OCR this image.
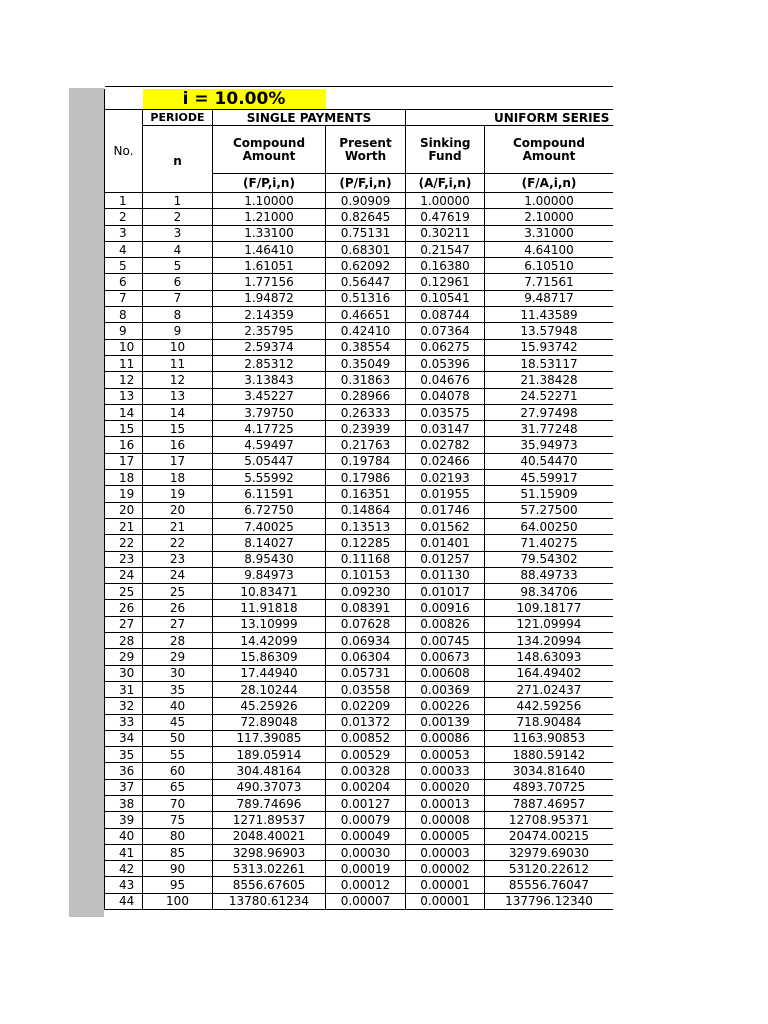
	i = 10.00%				
No.	PERIODE	SINGLE PAYMENTS		UNIFORM SERIES	
	n	Compound Amount	Present Worth	Sinking Fund	Compound Amount
		(F/P,i,n)	(P/F,i,n)	(A/F,i,n)	(F/A,i,n)
1	1	1.10000	0.90909	1.00000	1.00000
2	2	1.21000	0.82645	0.47619	2.10000
3	3	1.33100	0.75131	0.30211	3.31000
4	4	1.46410	0.68301	0.21547	4.64100
5	5	1.61051	0.62092	0.16380	6.10510
6	6	1.77156	0.56447	0.12961	7.71561
7	7	1.94872	0.51316	0.10541	9.48717
8	8	2.14359	0.46651	0.08744	11.43589
9	9	2.35795	0.42410	0.07364	13.57948
10	10	2.59374	0.38554	0.06275	15.93742
11	11	2.85312	0.35049	0.05396	18.53117
12	12	3.13843	0.31863	0.04676	21.38428
13	13	3.45227	0.28966	0.04078	24.52271
14	14	3.79750	0.26333	0.03575	27.97498
15	15	4.17725	0.23939	0.03147	31.77248
16	16	4.59497	0.21763	0.02782	35.94973
17	17	5.05447	0.19784	0.02466	40.54470
18	18	5.55992	0.17986	0.02193	45.59917
19	19	6.11591	0.16351	0.01955	51.15909
20	20	6.72750	0.14864	0.01746	57.27500
21	21	7.40025	0.13513	0.01562	64.00250
22	22	8.14027	0.12285	0.01401	71.40275
23	23	8.95430	0.11168	0.01257	79.54302
24	24	9.84973	0.10153	0.01130	88.49733
25	25	10.83471	0.09230	0.01017	98.34706
26	26	11.91818	0.08391	0.00916	109.18177
27	27	13.10999	0.07628	0.00826	121.09994
28	28	14.42099	0.06934	0.00745	134.20994
29	29	15.86309	0.06304	0.00673	148.63093
30	30	17.44940	0.05731	0.00608	164.49402
31	35	28.10244	0.03558	0.00369	271.02437
32	40	45.25926	0.02209	0.00226	442.59256
33	45	72.89048	0.01372	0.00139	718.90484
34	50	117.39085	0.00852	0.00086	1163.90853
35	55	189.05914	0.00529	0.00053	1880.59142
36	60	304.48164	0.00328	0.00033	3034.81640
37	65	490.37073	0.00204	0.00020	4893.70725
38	70	789.74696	0.00127	0.00013	7887.46957
39	75	1271.89537	0.00079	0.00008	12708.95371
40	80	2048.40021	0.00049	0.00005	20474.00215
41	85	3298.96903	0.00030	0.00003	32979.69030
42	90	5313.02261	0.00019	0.00002	53120.22612
43	95	8556.67605	0.00012	0.00001	85556.76047
44	100	13780.61234	0.00007	0.00001	137796.12340
